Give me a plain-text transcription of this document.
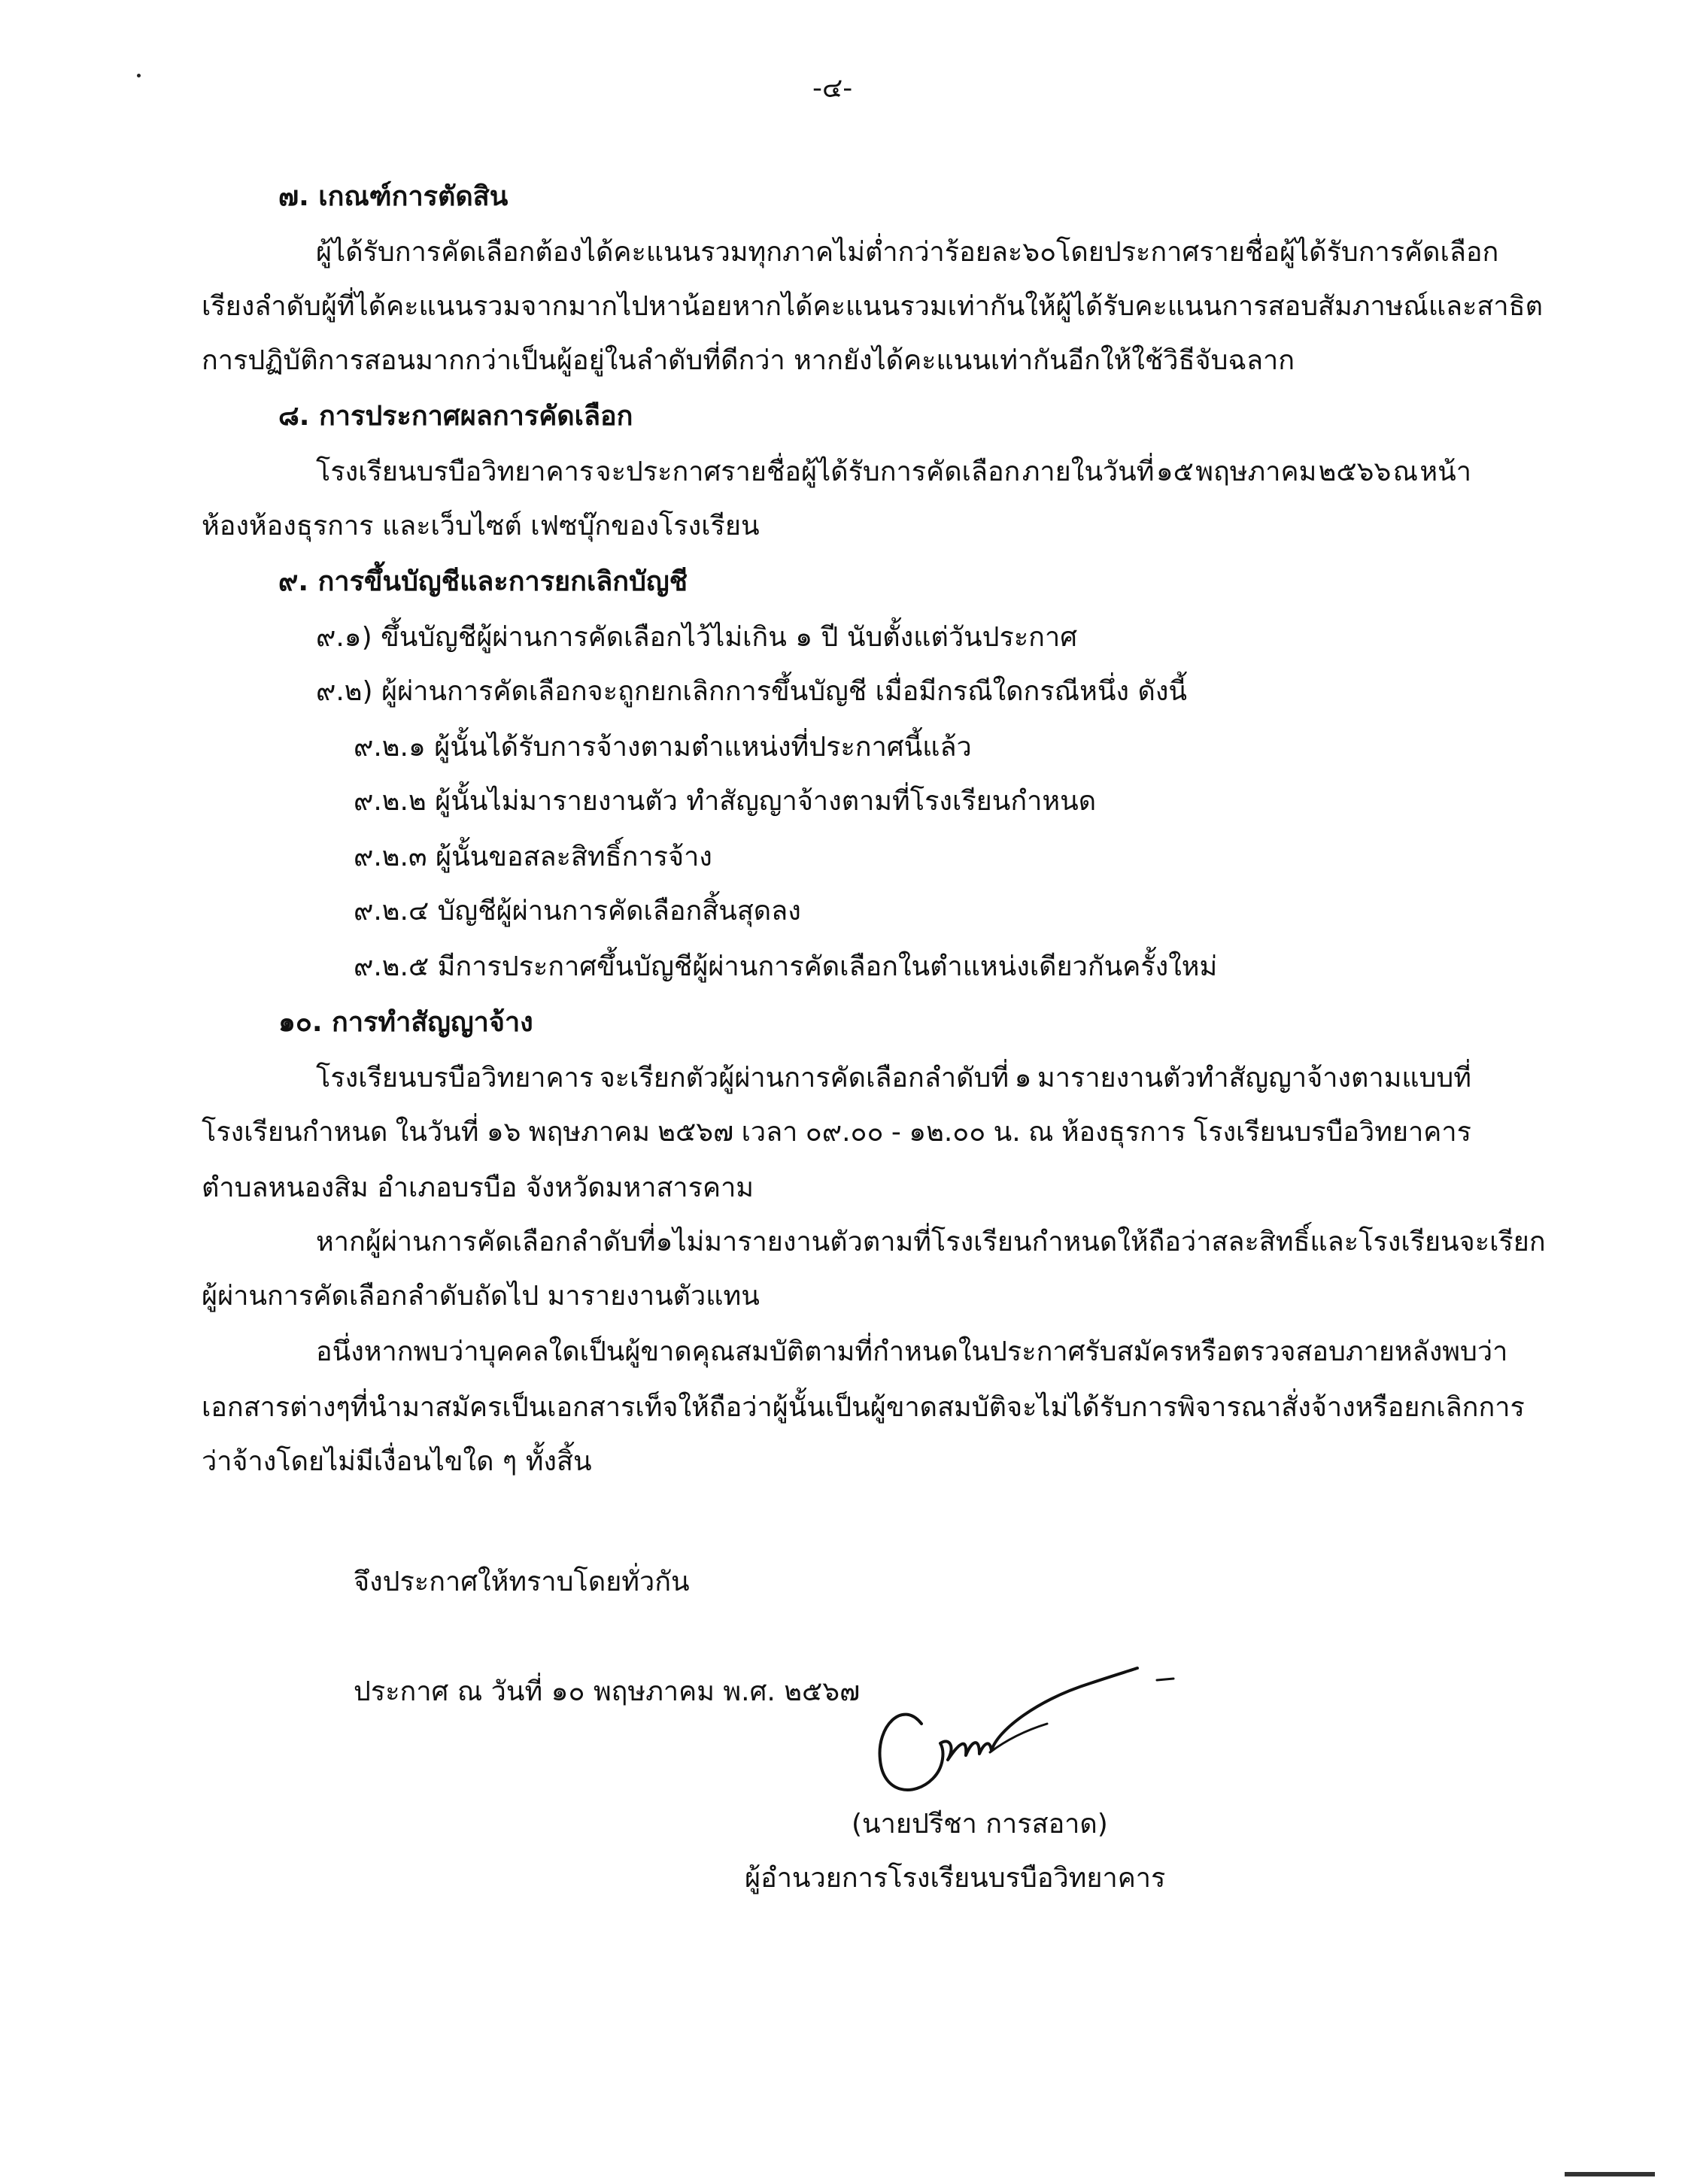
-๔-
๗. เกณฑ์การตัดสิน
ผู้ได้รับการคัดเลือกต้องได้คะแนนรวมทุกภาค ไม่ต่ำกว่าร้อยละ ๖๐ โดยประกาศรายชื่อผู้ได้รับการคัดเลือก
เรียงลำดับผู้ที่ได้คะแนนรวมจากมากไปหาน้อย หากได้คะแนนรวมเท่ากันให้ผู้ได้รับคะแนนการสอบสัมภาษณ์และสาธิต
การปฏิบัติการสอนมากกว่าเป็นผู้อยู่ในลำดับที่ดีกว่า หากยังได้คะแนนเท่ากันอีกให้ใช้วิธีจับฉลาก
๘. การประกาศผลการคัดเลือก
โรงเรียนบรบือวิทยาคาร จะประกาศรายชื่อผู้ได้รับการคัดเลือก ภายในวันที่ ๑๕ พฤษภาคม ๒๕๖๖ ณ หน้า
ห้องห้องธุรการ และเว็บไซต์ เฟซบุ๊กของโรงเรียน
๙. การขึ้นบัญชีและการยกเลิกบัญชี
๙.๑) ขึ้นบัญชีผู้ผ่านการคัดเลือกไว้ไม่เกิน ๑ ปี นับตั้งแต่วันประกาศ
๙.๒) ผู้ผ่านการคัดเลือกจะถูกยกเลิกการขึ้นบัญชี เมื่อมีกรณีใดกรณีหนึ่ง ดังนี้
๙.๒.๑ ผู้นั้นได้รับการจ้างตามตำแหน่งที่ประกาศนี้แล้ว
๙.๒.๒ ผู้นั้นไม่มารายงานตัว ทำสัญญาจ้างตามที่โรงเรียนกำหนด
๙.๒.๓ ผู้นั้นขอสละสิทธิ์การจ้าง
๙.๒.๔ บัญชีผู้ผ่านการคัดเลือกสิ้นสุดลง
๙.๒.๕ มีการประกาศขึ้นบัญชีผู้ผ่านการคัดเลือกในตำแหน่งเดียวกันครั้งใหม่
๑๐. การทำสัญญาจ้าง
โรงเรียนบรบือวิทยาคาร จะเรียกตัวผู้ผ่านการคัดเลือกลำดับที่ ๑ มารายงานตัวทำสัญญาจ้างตามแบบที่
โรงเรียนกำหนด ในวันที่ ๑๖ พฤษภาคม ๒๕๖๗ เวลา ๐๙.๐๐ - ๑๒.๐๐ น. ณ ห้องธุรการ โรงเรียนบรบือวิทยาคาร
ตำบลหนองสิม อำเภอบรบือ จังหวัดมหาสารคาม
หากผู้ผ่านการคัดเลือกลำดับที่ ๑ ไม่มารายงานตัวตามที่โรงเรียนกำหนดให้ถือว่าสละสิทธิ์ และโรงเรียนจะเรียก
ผู้ผ่านการคัดเลือกลำดับถัดไป มารายงานตัวแทน
อนึ่งหากพบว่า บุคคลใดเป็นผู้ขาดคุณสมบัติตามที่กำหนดในประกาศรับสมัครหรือตรวจสอบภายหลังพบว่า
เอกสารต่าง ๆ ที่นำมาสมัครเป็นเอกสารเท็จ ให้ถือว่าผู้นั้นเป็นผู้ขาดสมบัติจะไม่ได้รับการพิจารณาสั่งจ้างหรือยกเลิกการ
ว่าจ้างโดยไม่มีเงื่อนไขใด ๆ ทั้งสิ้น
จึงประกาศให้ทราบโดยทั่วกัน
ประกาศ ณ วันที่ ๑๐ พฤษภาคม พ.ศ. ๒๕๖๗
(นายปรีชา การสอาด)
ผู้อำนวยการโรงเรียนบรบือวิทยาคาร
